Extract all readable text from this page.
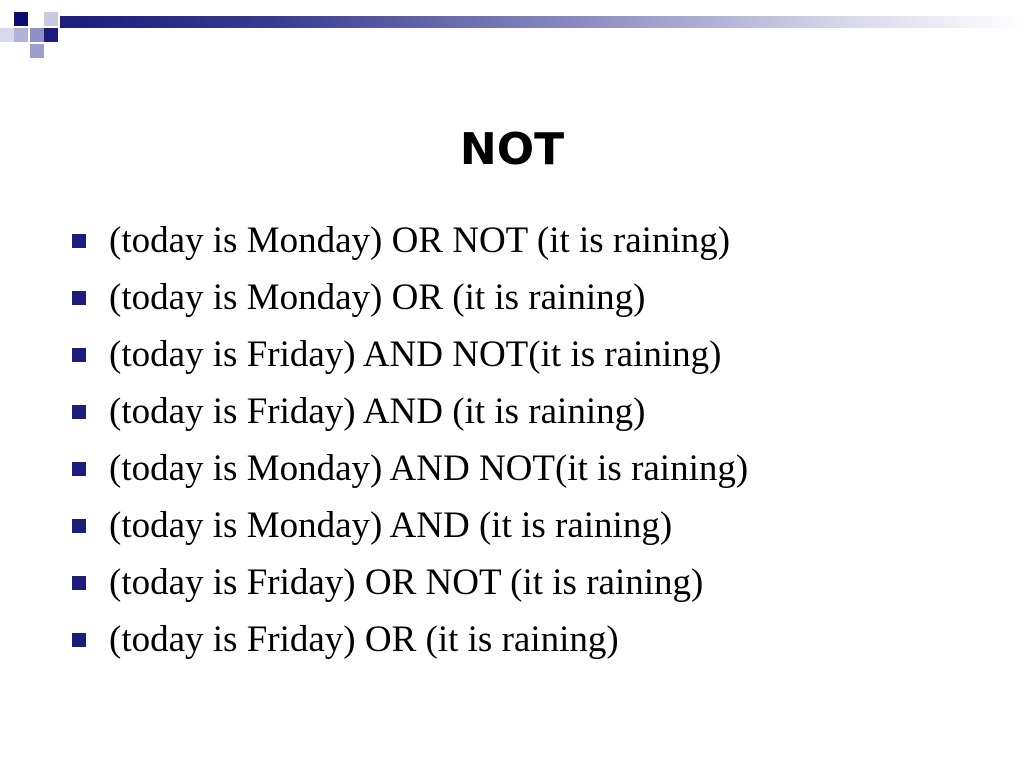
NOT
(today is Monday) OR NOT (it is raining)
(today is Monday) OR (it is raining)
(today is Friday) AND NOT(it is raining)
(today is Friday) AND (it is raining)
(today is Monday) AND NOT(it is raining)
(today is Monday) AND (it is raining)
(today is Friday) OR NOT (it is raining)
(today is Friday) OR (it is raining)
